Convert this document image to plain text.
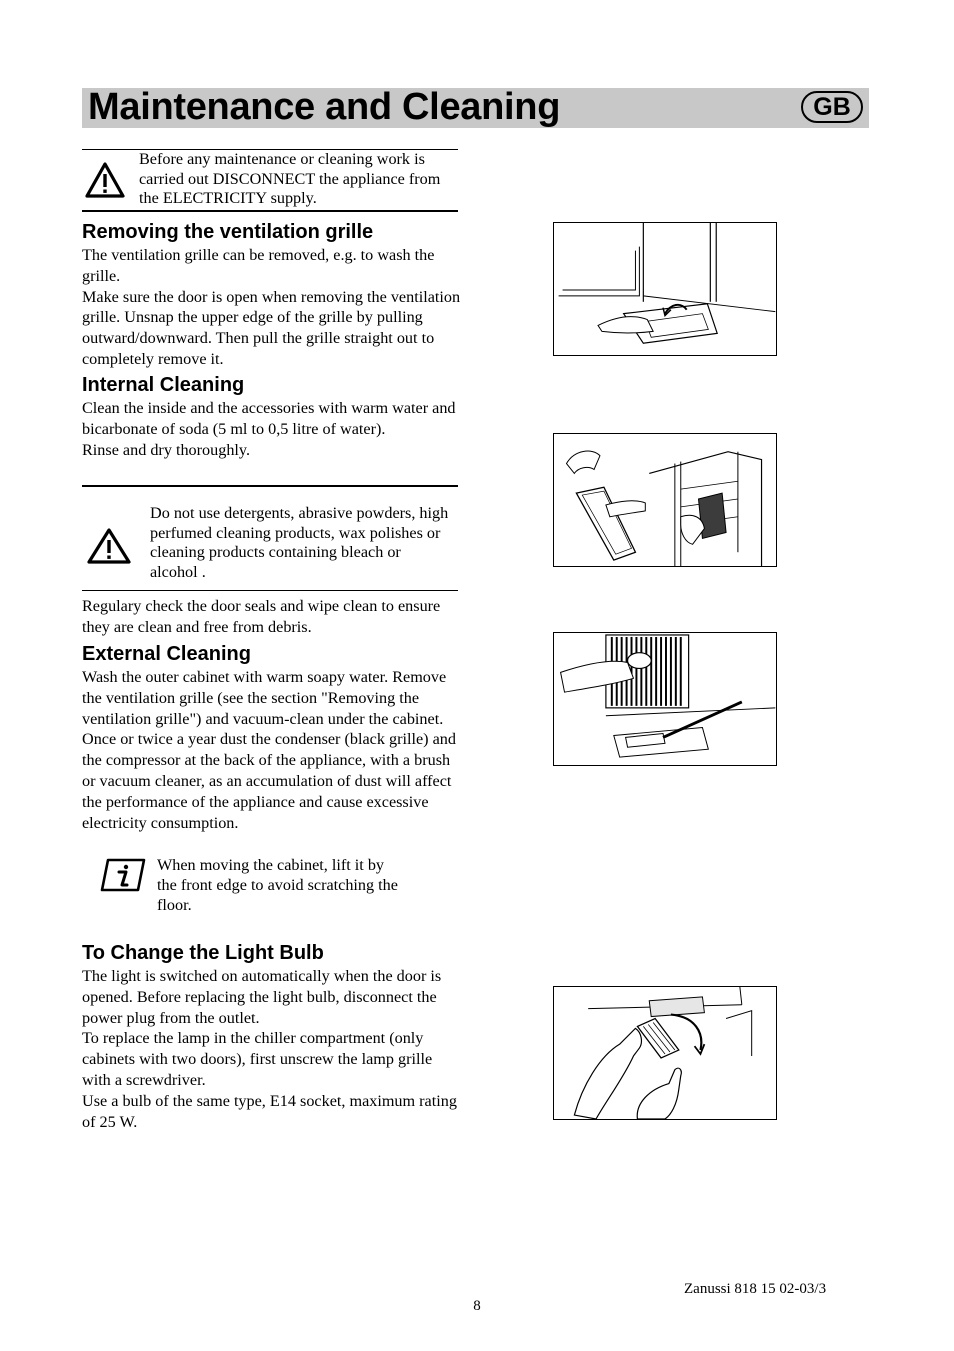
Maintenance and Cleaning	GB
Before any maintenance or cleaning work is carried out DISCONNECT the appliance from the ELECTRICITY supply.

Removing the ventilation grille

The ventilation grille can be removed, e.g. to wash the grille.

Make sure the door is open when removing the ventilation grille. Unsnap the upper edge of the grille by pulling outward/downward. Then pull the grille straight out to completely remove it.

Internal Cleaning

Clean the inside and the accessories with warm water and bicarbonate of soda (5 ml to 0,5 litre of water).

Rinse and dry thoroughly.

Do not use detergents, abrasive powders, high perfumed cleaning products, wax polishes or cleaning products containing bleach or alcohol .

Regulary check the door seals and wipe clean to ensure they are clean and free from debris.

External Cleaning

Wash the outer cabinet with warm soapy water. Remove the ventilation grille (see the section "Removing the ventilation grille") and vacuum-clean under the cabinet. Once or twice a year dust the condenser (black grille) and the compressor at the back of the appliance, with a brush or vacuum cleaner, as an accumulation of dust will affect the performance of the appliance and cause excessive electricity consumption.

When moving the cabinet, lift it by the front edge to avoid scratching the floor.

To Change the Light Bulb

The light is switched on automatically when the door is opened. Before replacing the light bulb, disconnect the power plug from the outlet.

To replace the lamp in the chiller compartment (only cabinets with two doors), first unscrew the lamp grille with a screwdriver.

Use a bulb of the same type, E14 socket, maximum rating of 25 W.

Zanussi 818 15 02-03/3
8
